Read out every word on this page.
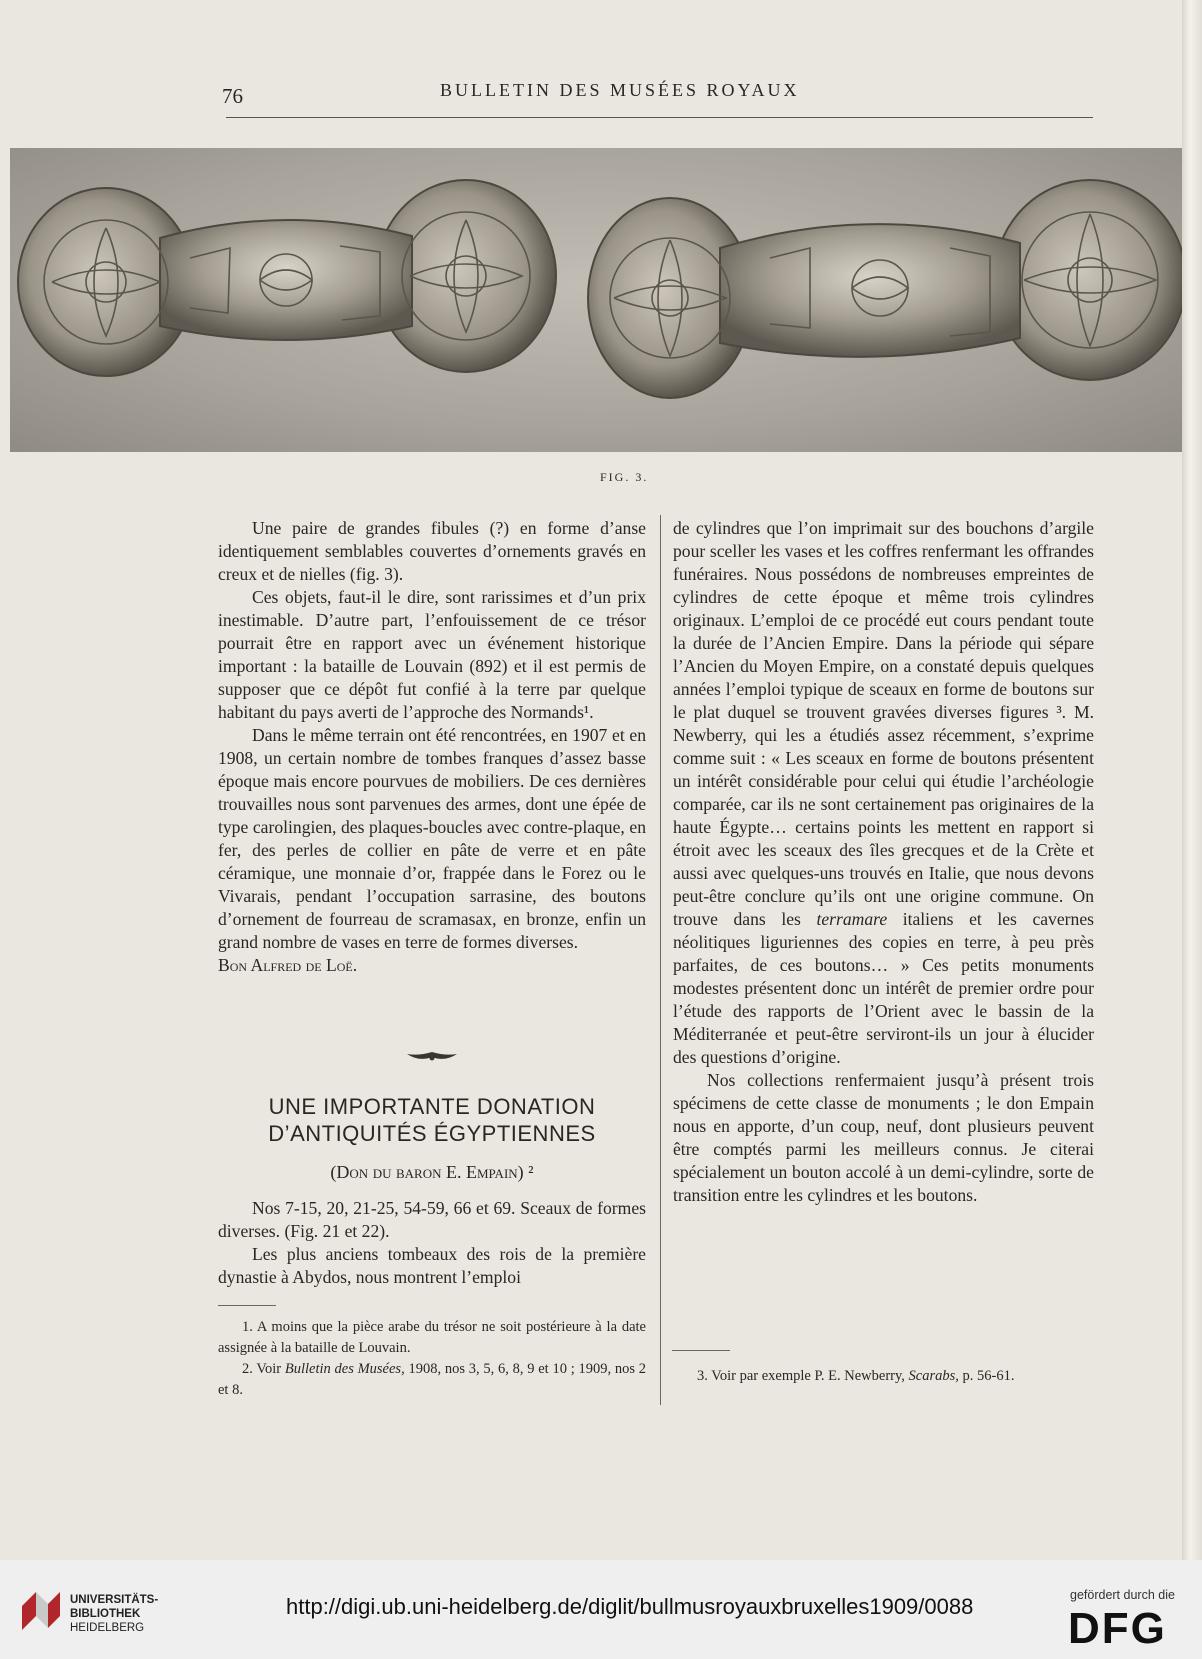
76	BULLETIN DES MUSÉES ROYAUX
FIG. 3.

Une paire de grandes fibules (?) en forme d’anse identiquement semblables couvertes d’ornements gravés en creux et de nielles (fig. 3).

Ces objets, faut-il le dire, sont rarissimes et d’un prix inestimable. D’autre part, l’enfouissement de ce trésor pourrait être en rapport avec un événement historique important : la bataille de Louvain (892) et il est permis de supposer que ce dépôt fut confié à la terre par quelque habitant du pays averti de l’approche des Normands¹.

Dans le même terrain ont été rencontrées, en 1907 et en 1908, un certain nombre de tombes franques d’assez basse époque mais encore pourvues de mobiliers. De ces dernières trouvailles nous sont parvenues des armes, dont une épée de type carolingien, des plaques-boucles avec contre-plaque, en fer, des perles de collier en pâte de verre et en pâte céramique, une monnaie d’or, frappée dans le Forez ou le Vivarais, pendant l’occupation sarrasine, des boutons d’ornement de fourreau de scramasax, en bronze, enfin un grand nombre de vases en terre de formes diverses.

Bon Alfred de Loë.

UNE IMPORTANTE DONATION
D’ANTIQUITÉS ÉGYPTIENNES
(Don du baron E. Empain) ²

Nos 7-15, 20, 21-25, 54-59, 66 et 69. Sceaux de formes diverses. (Fig. 21 et 22).

Les plus anciens tombeaux des rois de la première dynastie à Abydos, nous montrent l’emploi

de cylindres que l’on imprimait sur des bouchons d’argile pour sceller les vases et les coffres renfermant les offrandes funéraires. Nous possédons de nombreuses empreintes de cylindres de cette époque et même trois cylindres originaux. L’emploi de ce procédé eut cours pendant toute la durée de l’Ancien Empire. Dans la période qui sépare l’Ancien du Moyen Empire, on a constaté depuis quelques années l’emploi typique de sceaux en forme de boutons sur le plat duquel se trouvent gravées diverses figures ³. M. Newberry, qui les a étudiés assez récemment, s’exprime comme suit : « Les sceaux en forme de boutons présentent un intérêt considérable pour celui qui étudie l’archéologie comparée, car ils ne sont certainement pas originaires de la haute Égypte… certains points les mettent en rapport si étroit avec les sceaux des îles grecques et de la Crète et aussi avec quelques-uns trouvés en Italie, que nous devons peut-être conclure qu’ils ont une origine commune. On trouve dans les terramare italiens et les cavernes néolitiques liguriennes des copies en terre, à peu près parfaites, de ces boutons… » Ces petits monuments modestes présentent donc un intérêt de premier ordre pour l’étude des rapports de l’Orient avec le bassin de la Méditerranée et peut-être serviront-ils un jour à élucider des questions d’origine.

Nos collections renfermaient jusqu’à présent trois spécimens de cette classe de monuments ; le don Empain nous en apporte, d’un coup, neuf, dont plusieurs peuvent être comptés parmi les meilleurs connus. Je citerai spécialement un bouton accolé à un demi-cylindre, sorte de transition entre les cylindres et les boutons.

1. A moins que la pièce arabe du trésor ne soit postérieure à la date assignée à la bataille de Louvain.

2. Voir Bulletin des Musées, 1908, nos 3, 5, 6, 8, 9 et 10 ; 1909, nos 2 et 8.

3. Voir par exemple P. E. Newberry, Scarabs, p. 56-61.

UNIVERSITÄTS-
BIBLIOTHEK
HEIDELBERG
http://digi.ub.uni-heidelberg.de/diglit/bullmusroyauxbruxelles1909/0088	gefördert durch die
DFG
